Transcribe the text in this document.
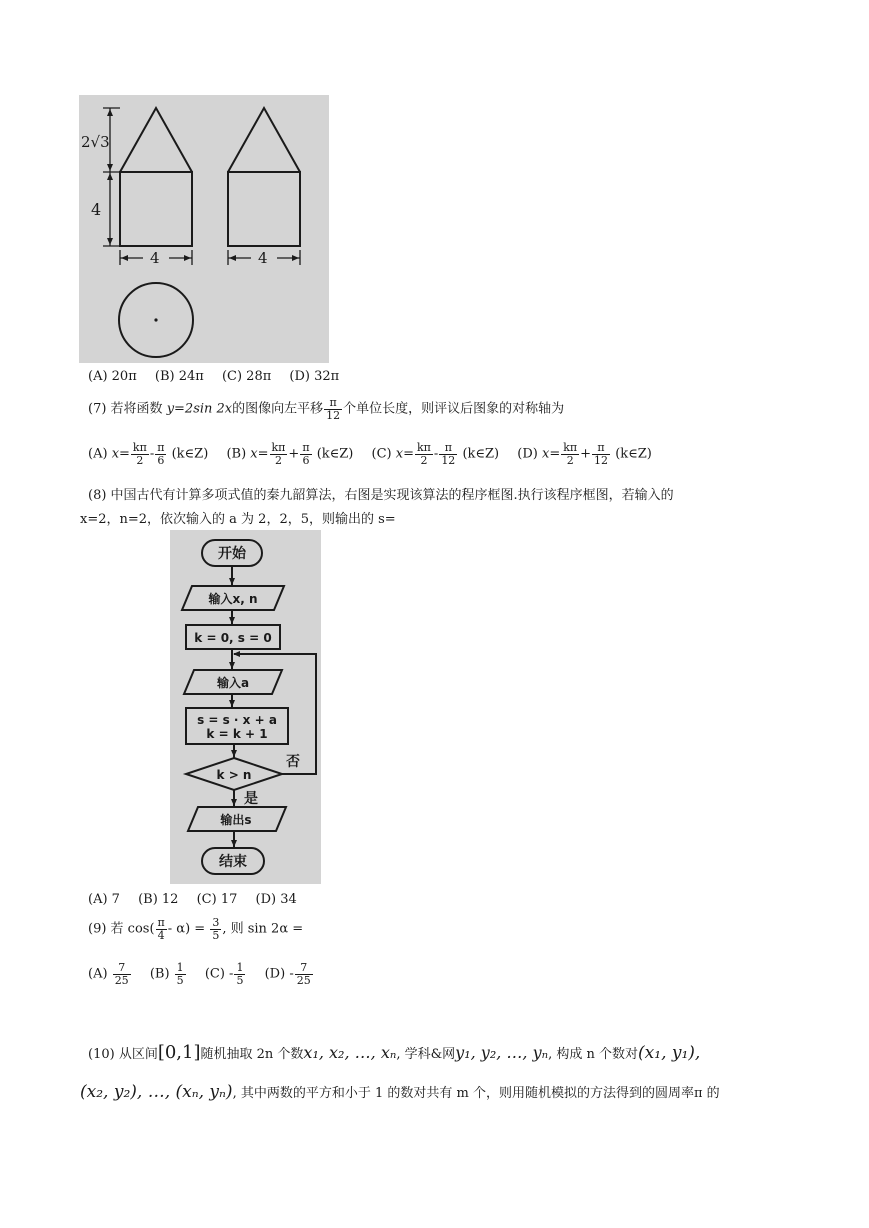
2√3
4
4	4
(A) 20π (B) 24π (C) 28π (D) 32π
(7) 若将函数 y=2sin 2x的图像向左平移 $\frac{\pi}{12}$ 个单位长度，则评议后图象的对称轴为
(A) $x= \frac{k\pi}{2} - \frac{\pi}{6}$ (k∈Z) (B) $x= \frac{k\pi}{2} + \frac{\pi}{6}$ (k∈Z) (C) $x= \frac{k\pi}{2} - \frac{\pi}{12}$ (k∈Z) (D) $x= \frac{k\pi}{2} + \frac{\pi}{12}$ (k∈Z)
(8) 中国古代有计算多项式值的秦九韶算法，右图是实现该算法的程序框图.执行该程序框图，若输入的
x=2，n=2，依次输入的 a 为 2，2，5，则输出的 s=
开始
输入x, n
k = 0, s = 0
输入a
s = s · x + a
k = k + 1
k > n
否
是
输出s
结束
(A) 7 (B) 12 (C) 17 (D) 34
(9) 若 $\cos( \frac{\pi}{4} - \alpha) = \frac{3}{5}$ , 则 sin 2α =
$(A) \frac{7}{25} (B) \frac{1}{5} (C) - \frac{1}{5} (D) - \frac{7}{25}$
(10) 从区间[0,1]随机抽取 2n 个数x₁, x₂, …, xₙ, 学科&网y₁, y₂, …, yₙ, 构成 n 个数对(x₁, y₁),
(x₂, y₂), …, (xₙ, yₙ), 其中两数的平方和小于 1 的数对共有 m 个，则用随机模拟的方法得到的圆周率π 的
